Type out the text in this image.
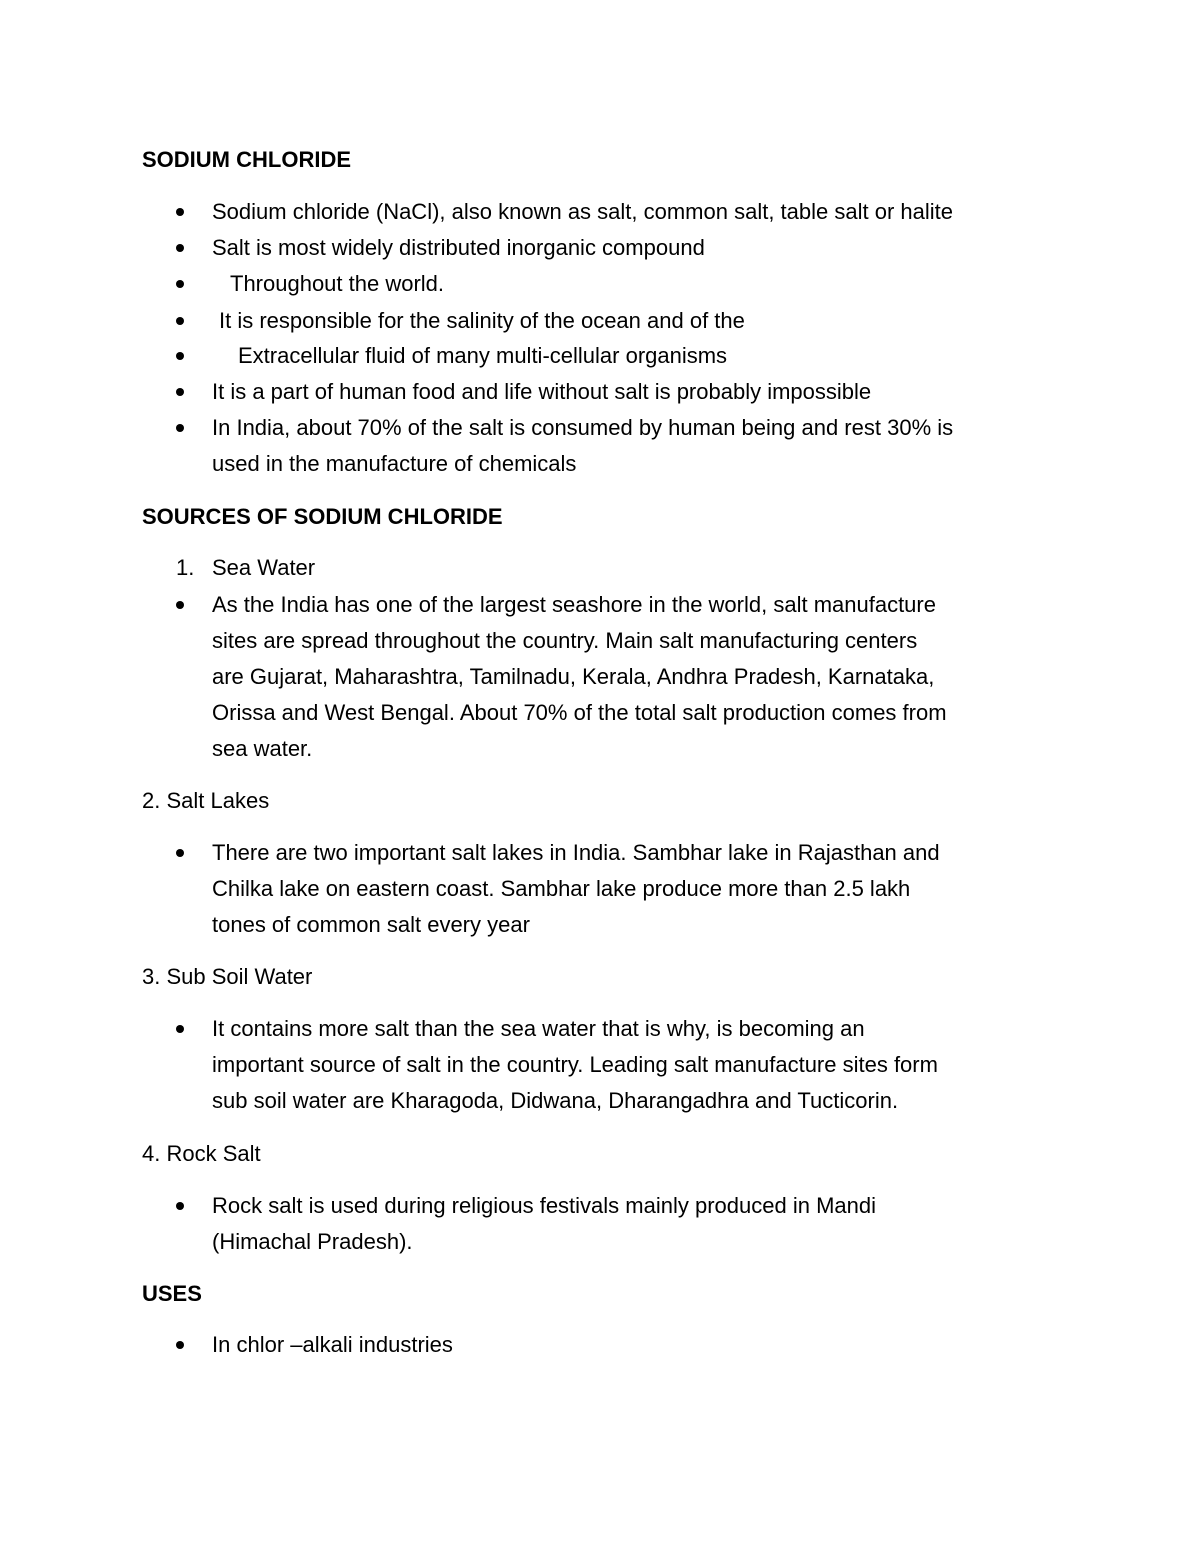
SODIUM CHLORIDE
Sodium chloride (NaCl), also known as salt, common salt, table salt or halite
Salt is most widely distributed inorganic compound
Throughout the world.
It is responsible for the salinity of the ocean and of the
Extracellular fluid of many multi-cellular organisms
It is a part of human food and life without salt is probably impossible
In India, about 70% of the salt is consumed by human being and rest 30% is
used in the manufacture of chemicals
SOURCES OF SODIUM CHLORIDE
1. Sea Water
As the India has one of the largest seashore in the world, salt manufacture
sites are spread throughout the country. Main salt manufacturing centers
are Gujarat, Maharashtra, Tamilnadu, Kerala, Andhra Pradesh, Karnataka,
Orissa and West Bengal. About 70% of the total salt production comes from
sea water.
2. Salt Lakes
There are two important salt lakes in India. Sambhar lake in Rajasthan and
Chilka lake on eastern coast. Sambhar lake produce more than 2.5 lakh
tones of common salt every year
3. Sub Soil Water
It contains more salt than the sea water that is why, is becoming an
important source of salt in the country. Leading salt manufacture sites form
sub soil water are Kharagoda, Didwana, Dharangadhra and Tucticorin.
4. Rock Salt
Rock salt is used during religious festivals mainly produced in Mandi
(Himachal Pradesh).
USES
In chlor –alkali industries
